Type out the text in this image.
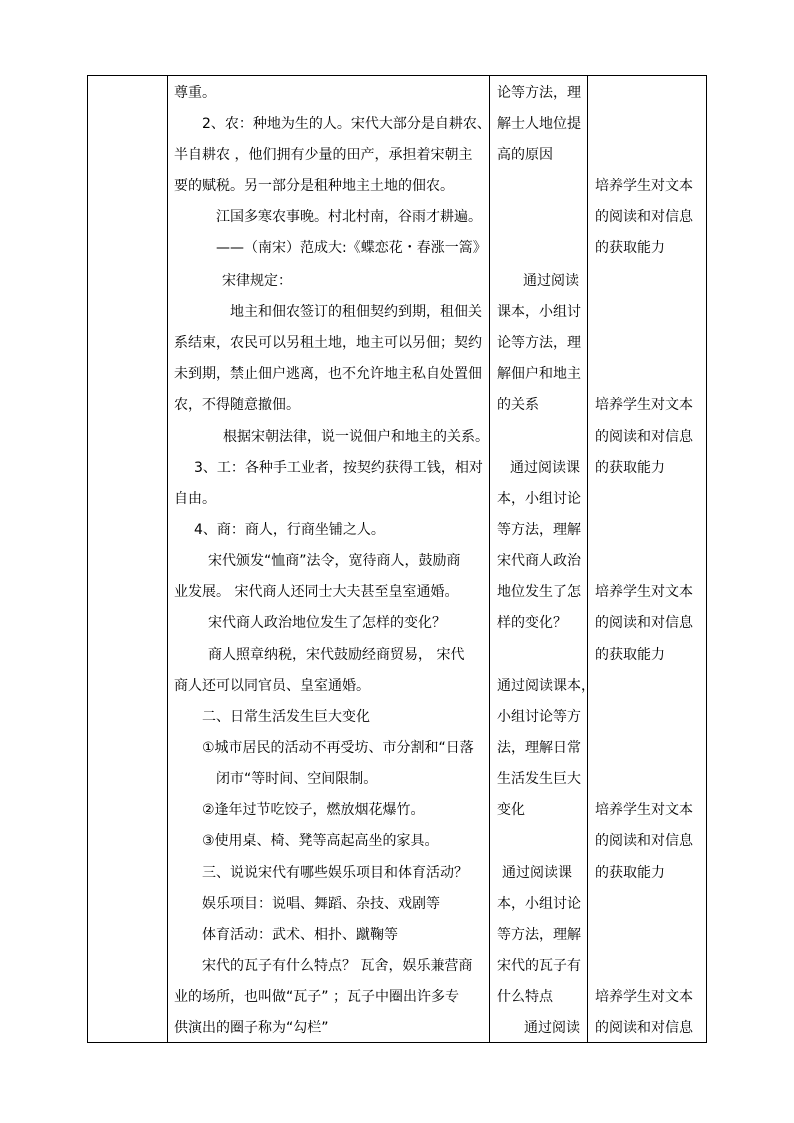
尊重。
2、农：种地为生的人。宋代大部分是自耕农、
半自耕农 ，他们拥有少量的田产，承担着宋朝主
要的赋税。另一部分是租种地主土地的佃农。
江国多寒农事晚。村北村南，谷雨才耕遍。
——（南宋）范成大:《蝶恋花・春涨一篙》
宋律规定：
地主和佃农签订的租佃契约到期，租佃关
系结束，农民可以另租土地，地主可以另佃；契约
未到期，禁止佃户逃离，也不允许地主私自处置佃
农，不得随意撤佃。
根据宋朝法律，说一说佃户和地主的关系。
3、工：各种手工业者，按契约获得工钱，相对
自由。
4、商：商人，行商坐铺之人。
宋代颁发“恤商”法令，宽待商人，鼓励商
业发展。 宋代商人还同士大夫甚至皇室通婚。
宋代商人政治地位发生了怎样的变化？
商人照章纳税，宋代鼓励经商贸易， 宋代
商人还可以同官员、皇室通婚。
二、日常生活发生巨大变化
①城市居民的活动不再受坊、市分割和“日落
闭市“等时间、空间限制。
②逢年过节吃饺子，燃放烟花爆竹。
③使用桌、椅、凳等高起高坐的家具。
三、说说宋代有哪些娱乐项目和体育活动？
娱乐项目：说唱、舞蹈、杂技、戏剧等
体育活动：武术、相扑、蹴鞠等
宋代的瓦子有什么特点？ 瓦舍，娱乐兼营商
业的场所，也叫做“瓦子” ；瓦子中圈出许多专
供演出的圈子称为“勾栏”
论等方法，理
解士人地位提
高的原因
通过阅读
课本，小组讨
论等方法，理
解佃户和地主
的关系
通过阅读课
本，小组讨论
等方法，理解
宋代商人政治
地位发生了怎
样的变化？
通过阅读课本，
小组讨论等方
法，理解日常
生活发生巨大
变化
通过阅读课
本，小组讨论
等方法，理解
宋代的瓦子有
什么特点
通过阅读
培养学生对文本
的阅读和对信息
的获取能力
培养学生对文本
的阅读和对信息
的获取能力
培养学生对文本
的阅读和对信息
的获取能力
培养学生对文本
的阅读和对信息
的获取能力
培养学生对文本
的阅读和对信息
